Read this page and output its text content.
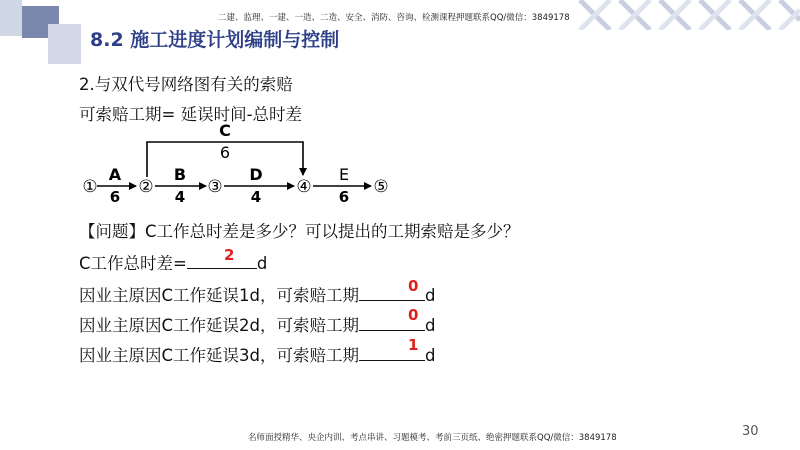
8.2 施工进度计划编制与控制
二建、监理、一建、一造、二造、安全、消防、咨询、检测课程押题联系QQ/微信：3849178
2.与双代号网络图有关的索赔
可索赔工期= 延误时间-总时差
① ②	③	④	⑤
A
6
B
4
C
6
D
4
E
6
【问题】C工作总时差是多少？可以提出的工期索赔是多少？
C工作总时差=	d
2
因业主原因C工作延误1d，可索赔工期	d
0
因业主原因C工作延误2d，可索赔工期	d
0
因业主原因C工作延误3d，可索赔工期	d
1
名师面授精华、央企内训、考点串讲、习题模考、考前三页纸、绝密押题联系QQ/微信：3849178	30
